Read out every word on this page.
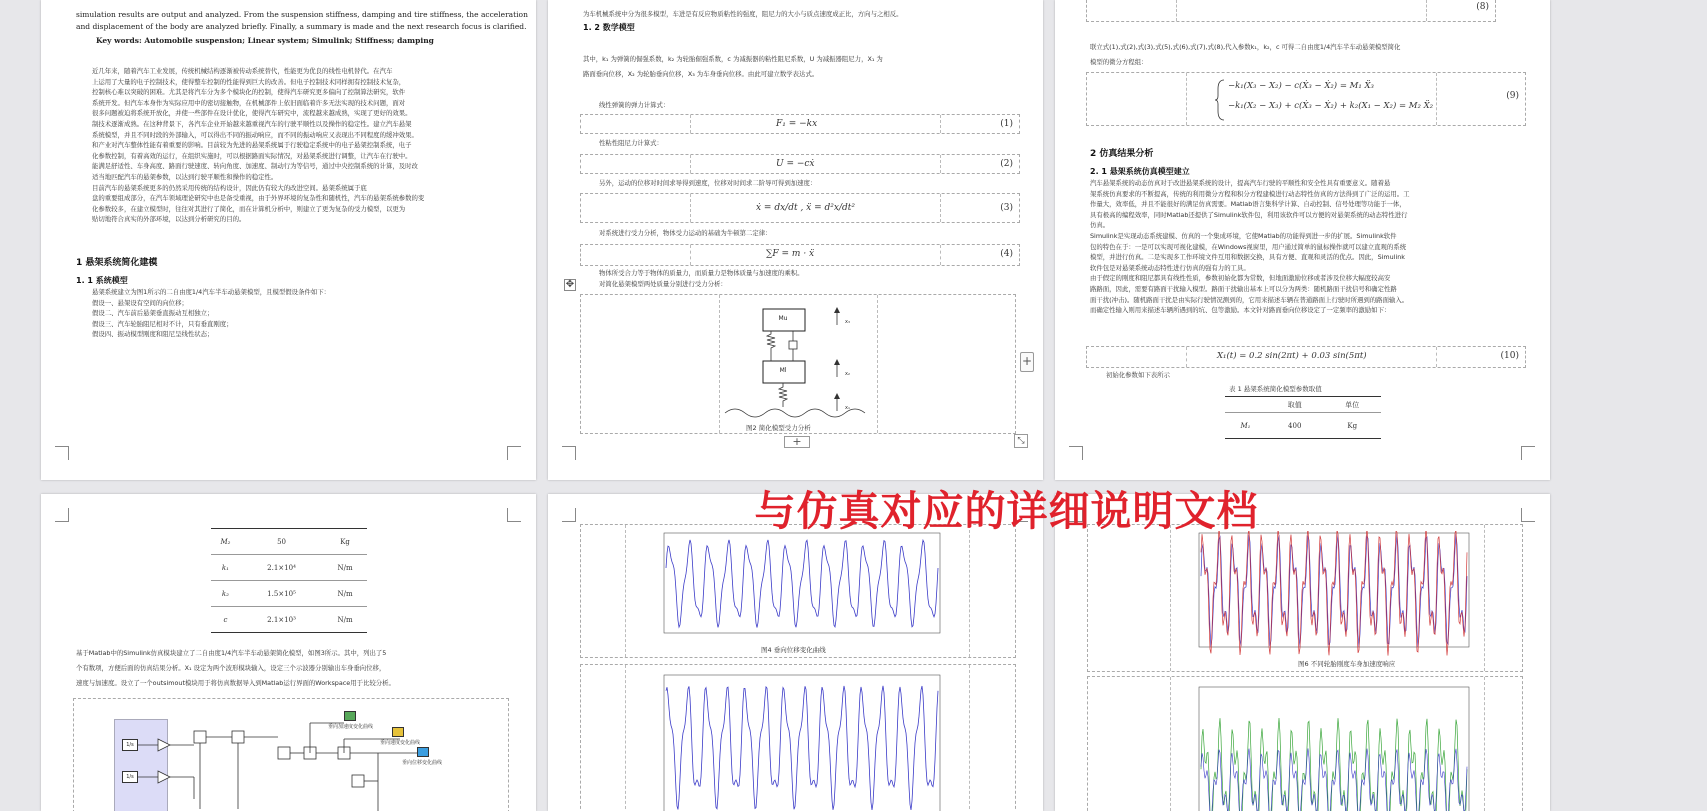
simulation results are output and analyzed. From the suspension stiffness, damping and tire stiffness, the acceleration
and displacement of the body are analyzed briefly. Finally, a summary is made and the next research focus is clarified.
Key words: Automobile suspension; Linear system; Simulink; Stiffness; damping
近几年来，随着汽车工业发展，传统机械结构逐渐被传动系统替代，性能更为优良的线性电机替代。在汽车
上运用了大量的电子控制技术，使得整车控制的性能得到巨大的改善。但电子控制技术同样拥有控制技术复杂，
控制核心难以突破的困难。尤其是将汽车分为多个模块化的控制，使得汽车研究更多偏向了控制算法研究，软件
系统开发。但汽车本身作为实际应用中的密切接触物，在机械部件上依旧面临着许多无法实现的技术问题，面对
很多问题被迫将系统开放化，并使一些部件在设计优化，使得汽车研究中，流程越来越成熟，实现了更好的效果。
制技术逐渐成熟。在这种背景下，各汽车企业开始越来越重视汽车的行驶平顺性以及操作的稳定性。建立汽车悬架
系统模型，并且不同时段的外部输入，可以得出不同的振动响应，而不同的振动响应又表现出不同程度的缓冲效果。
和产业对汽车整体性能有着重要的影响。目前较为先进的悬架系统属于行驶稳定系统中的电子悬架控制系统，电子
化参数控制，有着高效的运行，在组织实施时，可以根据路面实际情况，对悬架系统进行调整，让汽车在行驶中。
能满足舒适性、车身高度、路面行驶速度、转向角度、加速度、制动行为等信号，通过中央控制系统的计算，及时改
适当地匹配汽车的悬架参数，以达到行驶平顺性和操作的稳定性。
目前汽车的悬架系统更多的仍然采用传统的结构设计，因此仍有较大的改进空间。悬架系统属于底
盘的重要组成部分，在汽车领域理论研究中也是备受重视，由于外界环境的复杂性和随机性，汽车的悬架系统参数的变
化参数较多，在建立模型时，往往对其进行了简化，而在计算机分析中，则建立了更为复杂的受力模型，以更为
贴切地符合真实的外部环境，以达到分析研究的目的。
1 悬架系统简化建模
1. 1 系统模型
悬架系统建立为图1所示的二自由度1/4汽车半车动悬架模型，且模型假设条件如下：
假设一、悬架设有空间的向位移；
假设二、汽车前后悬架垂直振动互相独立；
假设三、汽车轮胎阻尼相对不计，只有垂直刚度；
假设四、振动模型刚度和阻尼呈线性状态；
为车机械系统中分为很多模型，车进是有反应物质粘性的强度，阻尼力的大小与质点速度成正比，方向与之相反。
1. 2 数学模型
其中，k₁ 为弹簧的倔强系数，k₂ 为轮胎倔强系数，c 为减振器的粘性阻尼系数，U 为减振器阻尼力，X₁ 为
路面垂向位移，X₂ 为轮胎垂向位移，X₃ 为车身垂向位移。由此可建立数学表达式。
线性弹簧的弹力计算式：
F₁ = −kx	(1)
性粘性阻尼力计算式：
U = −cẋ	(2)
另外，运动的位移对时间求导得到速度，位移对时间求二阶导可得到加速度：
ẋ = dx/dt , ẍ = d²x/dt²	(3)
对系统进行受力分析，物体受力运动的基础为牛顿第二定律：
∑F = m · ẍ	(4)
物体所受合力等于物体的质量力，而质量力是物体质量与加速度的乘积。
对简化悬架模型两处质量分别进行受力分析：
✥
x₃
x₂
x₁
Mu
Ml
图2 简化模型受力分析
+
+
⤡
(8)
联立式(1),式(2),式(3),式(5),式(6),式(7),式(8),代入参数k₁，k₂，c 可得二自由度1/4汽车半车动悬架模型简化
模型的微分方程组：
−k₁(X₃ − X₂) − c(Ẋ₃ − Ẋ₂) = M₁ Ẍ₃
−k₁(X₂ − X₃) + c(Ẋ₃ − Ẋ₂) + k₂(X₁ − X₂) = M₂ Ẍ₂
(9)
2 仿真结果分析
2. 1 悬架系统仿真模型建立
汽车悬架系统的动态仿真对于改进悬架系统的设计，提高汽车行驶的平顺性和安全性具有重要意义。随着悬
架系统仿真要求的不断提高，传统的利用微分方程和积分方程建模进行动态特性仿真的方法得到了广泛的运用。工
作量大，效率低，并且不能很好的满足仿真需要。Matlab语言集科学计算、自动控制、信号处理等功能于一体，
具有极高的编程效率，同时Matlab还提供了Simulink软件包，利用该软件可以方便的对悬架系统的动态特性进行
仿真。
Simulink是实现动态系统建模、仿真的一个集成环境，它使Matlab的功能得到进一步的扩展。Simulink软件
包的特色在于：一是可以实现可视化建模，在Windows视窗里，用户通过简单的鼠标操作就可以建立直观的系统
模型，并进行仿真。二是实现多工作环境文件互用和数据交换，具有方便、直观和灵活的优点。因此，Simulink
软件包是对悬架系统动态特性进行仿真的强有力的工具。
由于假定的刚度和阻尼都具有线性性质，参数初始化都为常数，但地面激励位移或者涉及位移大幅度较高安
路路面，因此，需要有路面干扰输入模型。路面干扰输出基本上可以分为两类：随机路面干扰信号和确定性路
面干扰(冲击)。随机路面干扰是由实际行驶情况测到的，它用来描述车辆在普通路面上行驶时所遇到的路面输入。
而确定性输入则用来描述车辆所遇到的坑、包等激励。本文针对路面垂向位移设定了一定频率的激励如下：
X₁(t) = 0.2 sin(2πt) + 0.03 sin(5πt)	(10)
初始化参数如下表所示
表 1 悬架系统简化模型参数取值
	取值	单位
M₁	400	Kg
M₂	50	Kg
k₁	2.1×10⁴	N/m
k₂	1.5×10⁵	N/m
c	2.1×10³	N/m
基于Matlab中的Simulink仿真模块建立了二自由度1/4汽车半车动悬架简化模型，如图3所示。其中，列出了5
个有数项，方便后面的仿真结果分析。X₁ 设定为两个波形模块输入，设定三个示波器分别输出车身垂向位移，
速度与加速度。设立了一个outsimout模块用于将仿真数据导入到Matlab运行界面的Workspace用于比较分析。
1/s
1/s
垂向加速度变化曲线
垂向速度变化曲线
垂向位移变化曲线
图4 垂向位移变化曲线
图6 不同轮胎刚度车身加速度响应
与仿真对应的详细说明文档
